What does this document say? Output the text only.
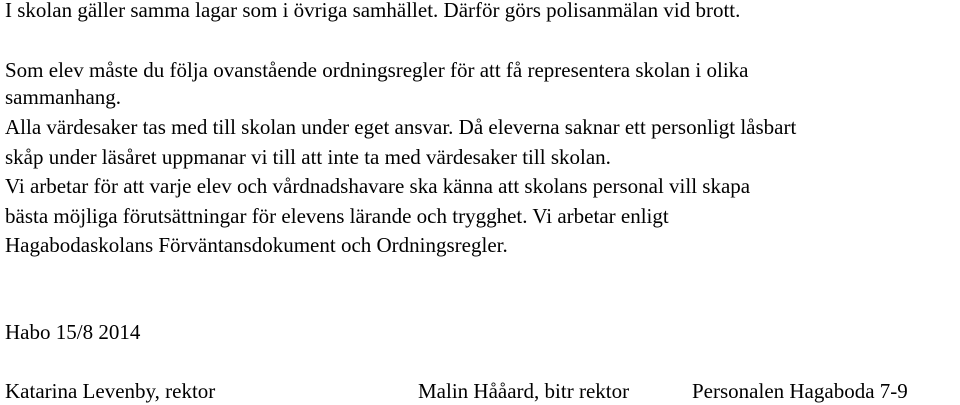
I skolan gäller samma lagar som i övriga samhället. Därför görs polisanmälan vid brott.

Som elev måste du följa ovanstående ordningsregler för att få representera skolan i olika

sammanhang.

Alla värdesaker tas med till skolan under eget ansvar. Då eleverna saknar ett personligt låsbart

skåp under läsåret uppmanar vi till att inte ta med värdesaker till skolan.

Vi arbetar för att varje elev och vårdnadshavare ska känna att skolans personal vill skapa

bästa möjliga förutsättningar för elevens lärande och trygghet. Vi arbetar enligt

Hagabodaskolans Förväntansdokument och Ordningsregler.

Habo 15/8 2014

Katarina Levenby, rektor	Malin Hååard, bitr rektor	Personalen Hagaboda 7-9
